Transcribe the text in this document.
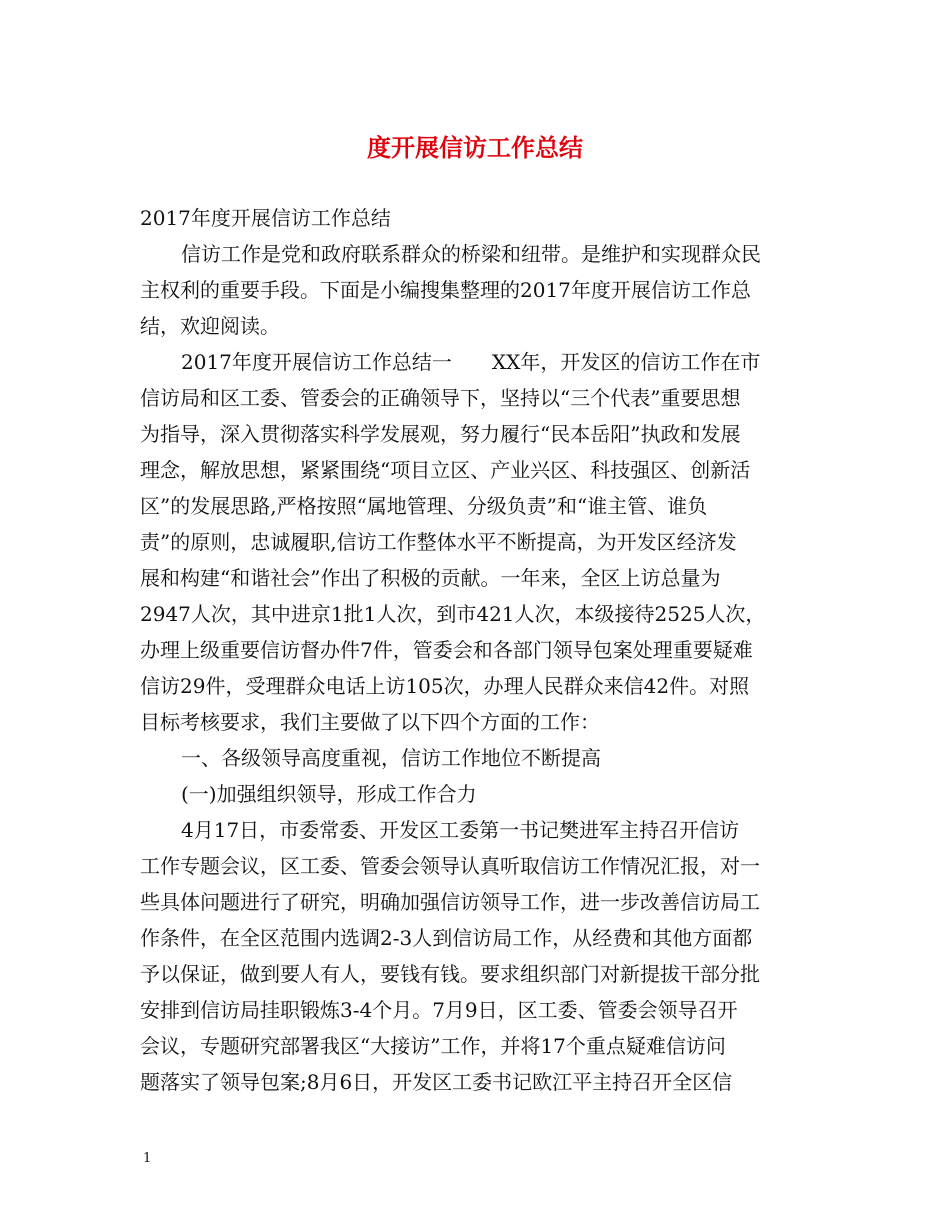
度开展信访工作总结
2017年度开展信访工作总结
信访工作是党和政府联系群众的桥梁和纽带。是维护和实现群众民
主权利的重要手段。下面是小编搜集整理的2017年度开展信访工作总
结，欢迎阅读。
2017年度开展信访工作总结一　　XX年，开发区的信访工作在市
信访局和区工委、管委会的正确领导下，坚持以“三个代表”重要思想
为指导，深入贯彻落实科学发展观，努力履行“民本岳阳”执政和发展
理念，解放思想，紧紧围绕“项目立区、产业兴区、科技强区、创新活
区”的发展思路,严格按照“属地管理、分级负责”和“谁主管、谁负
责”的原则，忠诚履职,信访工作整体水平不断提高，为开发区经济发
展和构建“和谐社会”作出了积极的贡献。一年来，全区上访总量为
2947人次，其中进京1批1人次，到市421人次，本级接待2525人次，
办理上级重要信访督办件7件，管委会和各部门领导包案处理重要疑难
信访29件，受理群众电话上访105次，办理人民群众来信42件。对照
目标考核要求，我们主要做了以下四个方面的工作：
一、各级领导高度重视，信访工作地位不断提高
(一)加强组织领导，形成工作合力
4月17日，市委常委、开发区工委第一书记樊进军主持召开信访
工作专题会议，区工委、管委会领导认真听取信访工作情况汇报，对一
些具体问题进行了研究，明确加强信访领导工作，进一步改善信访局工
作条件，在全区范围内选调2-3人到信访局工作，从经费和其他方面都
予以保证，做到要人有人，要钱有钱。要求组织部门对新提拔干部分批
安排到信访局挂职锻炼3-4个月。7月9日，区工委、管委会领导召开
会议，专题研究部署我区“大接访”工作，并将17个重点疑难信访问
题落实了领导包案;8月6日，开发区工委书记欧江平主持召开全区信
1
